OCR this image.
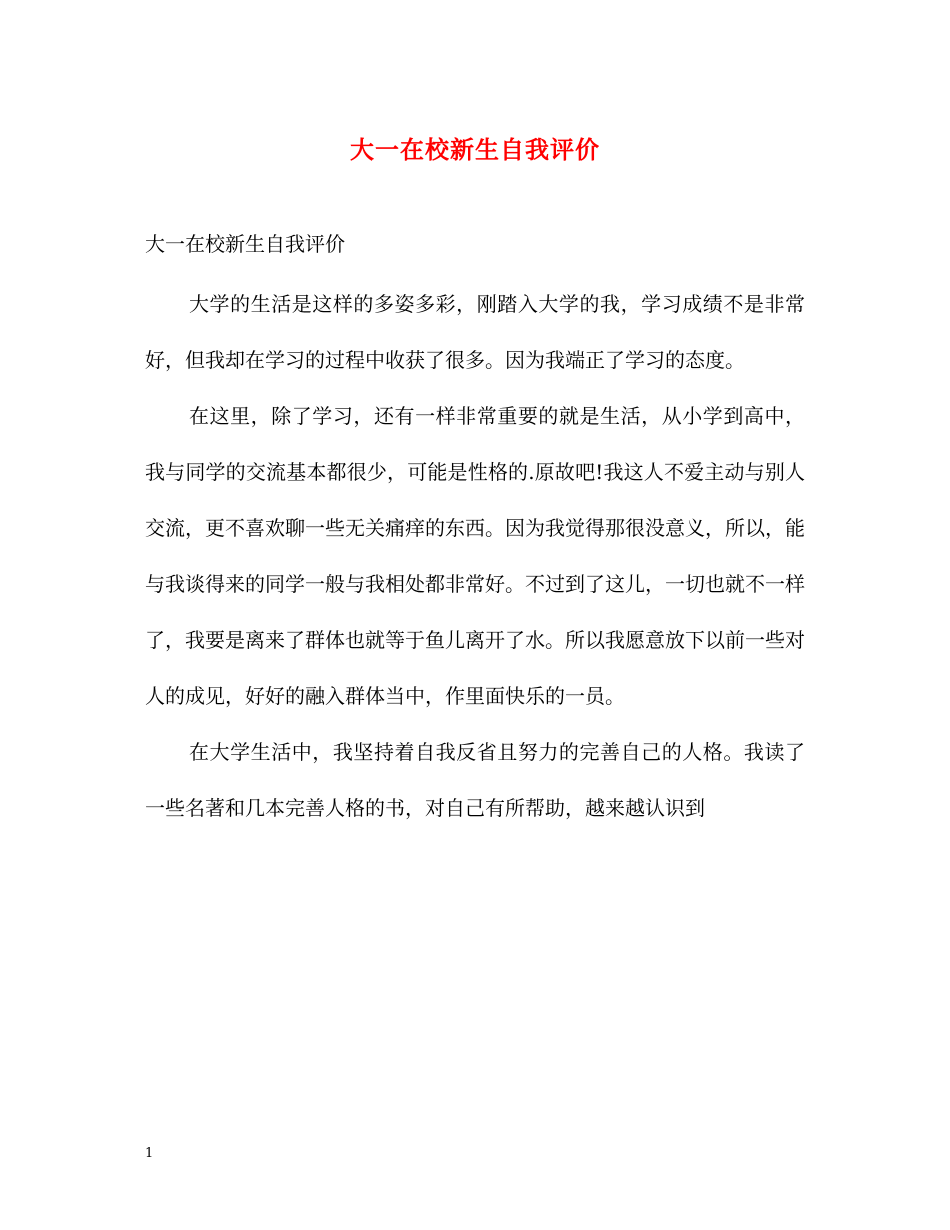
大一在校新生自我评价

大一在校新生自我评价

大学的生活是这样的多姿多彩，刚踏入大学的我，学习成绩不是非常好，但我却在学习的过程中收获了很多。因为我端正了学习的态度。

在这里，除了学习，还有一样非常重要的就是生活，从小学到高中，我与同学的交流基本都很少，可能是性格的.原故吧!我这人不爱主动与别人交流，更不喜欢聊一些无关痛痒的东西。因为我觉得那很没意义，所以，能与我谈得来的同学一般与我相处都非常好。不过到了这儿，一切也就不一样了，我要是离来了群体也就等于鱼儿离开了水。所以我愿意放下以前一些对人的成见，好好的融入群体当中，作里面快乐的一员。

在大学生活中，我坚持着自我反省且努力的完善自己的人格。我读了一些名著和几本完善人格的书，对自己有所帮助，越来越认识到

1
